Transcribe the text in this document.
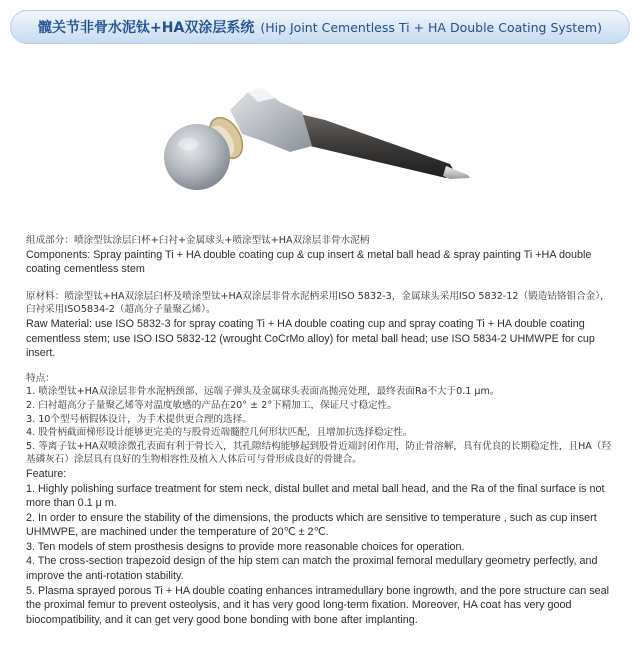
髋关节非骨水泥钛+HA双涂层系统 (Hip Joint Cementless Ti + HA Double Coating System)

组成部分：喷涂型钛涂层臼杯+臼衬+金属球头+喷涂型钛+HA双涂层非骨水泥柄

Components: Spray painting Ti + HA double coating cup & cup insert & metal ball head & spray painting Ti +HA double coating cementless stem

原材料：喷涂型钛+HA双涂层臼杯及喷涂型钛+HA双涂层非骨水泥柄采用ISO 5832-3，金属球头采用ISO 5832-12（锻造钴铬钼合金），臼衬采用ISO5834-2（超高分子量聚乙烯）。

Raw Material: use ISO 5832-3 for spray coating Ti + HA double coating cup and spray coating Ti + HA double coating cementless stem; use ISO ISO 5832-12 (wrought CoCrMo alloy) for metal ball head; use ISO 5834-2 UHMWPE for cup insert.

特点：

1. 喷涂型钛+HA双涂层非骨水泥柄颈部、远端子弹头及金属球头表面高抛亮处理，最终表面Ra不大于0.1 μm。

2. 臼衬超高分子量聚乙烯等对温度敏感的产品在20° ± 2°下精加工，保证尺寸稳定性。

3. 10个型号柄假体设计，为手术提供更合理的选择。

4. 股骨柄截面梯形设计能够更完美的与股骨近端髓腔几何形状匹配，且增加抗选择稳定性。

5. 等离子钛+HA双喷涂微孔表面有利于骨长入，其孔隙结构能够起到股骨近端封闭作用，防止骨溶解，具有优良的长期稳定性，且HA（羟基磷灰石）涂层具有良好的生物相容性及植入人体后可与骨形成良好的骨键合。

Feature:

1. Highly polishing surface treatment for stem neck, distal bullet and metal ball head, and the Ra of the final surface is not more than 0.1 μ m.

2. In order to ensure the stability of the dimensions, the products which are sensitive to temperature , such as cup insert UHMWPE, are machined under the temperature of 20℃ ± 2℃.

3. Ten models of stem prosthesis designs to provide more reasonable choices for operation.

4. The cross-section trapezoid design of the hip stem can match the proximal femoral medullary geometry perfectly, and improve the anti-rotation stability.

5. Plasma sprayed porous Ti + HA double coating enhances intramedullary bone ingrowth, and the pore structure can seal the proximal femur to prevent osteolysis, and it has very good long-term fixation. Moreover, HA coat has very good biocompatibility, and it can get very good bone bonding with bone after implanting.
